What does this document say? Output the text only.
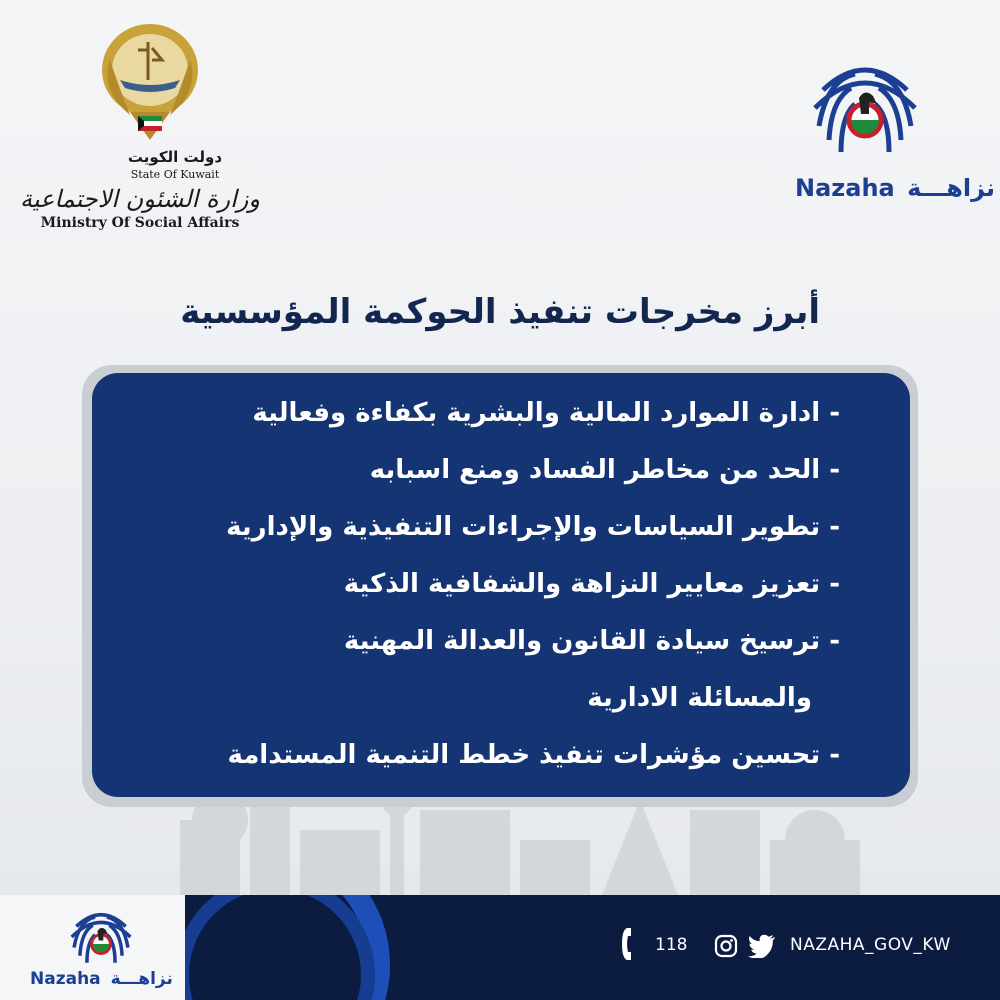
دولت الكويت
State Of Kuwait
وزارة الشئون الاجتماعية
Ministry Of Social Affairs
Nazaha نزاهـــة
أبرز مخرجات تنفيذ الحوكمة المؤسسية
- ادارة الموارد المالية والبشرية بكفاءة وفعالية
- الحد من مخاطر الفساد ومنع اسبابه
- تطوير السياسات والإجراءات التنفيذية والإدارية
- تعزيز معايير النزاهة والشفافية الذكية
- ترسيخ سيادة القانون والعدالة المهنية
والمسائلة الادارية
- تحسين مؤشرات تنفيذ خطط التنمية المستدامة
Nazaha نزاهـــة
118	NAZAHA_GOV_KW
